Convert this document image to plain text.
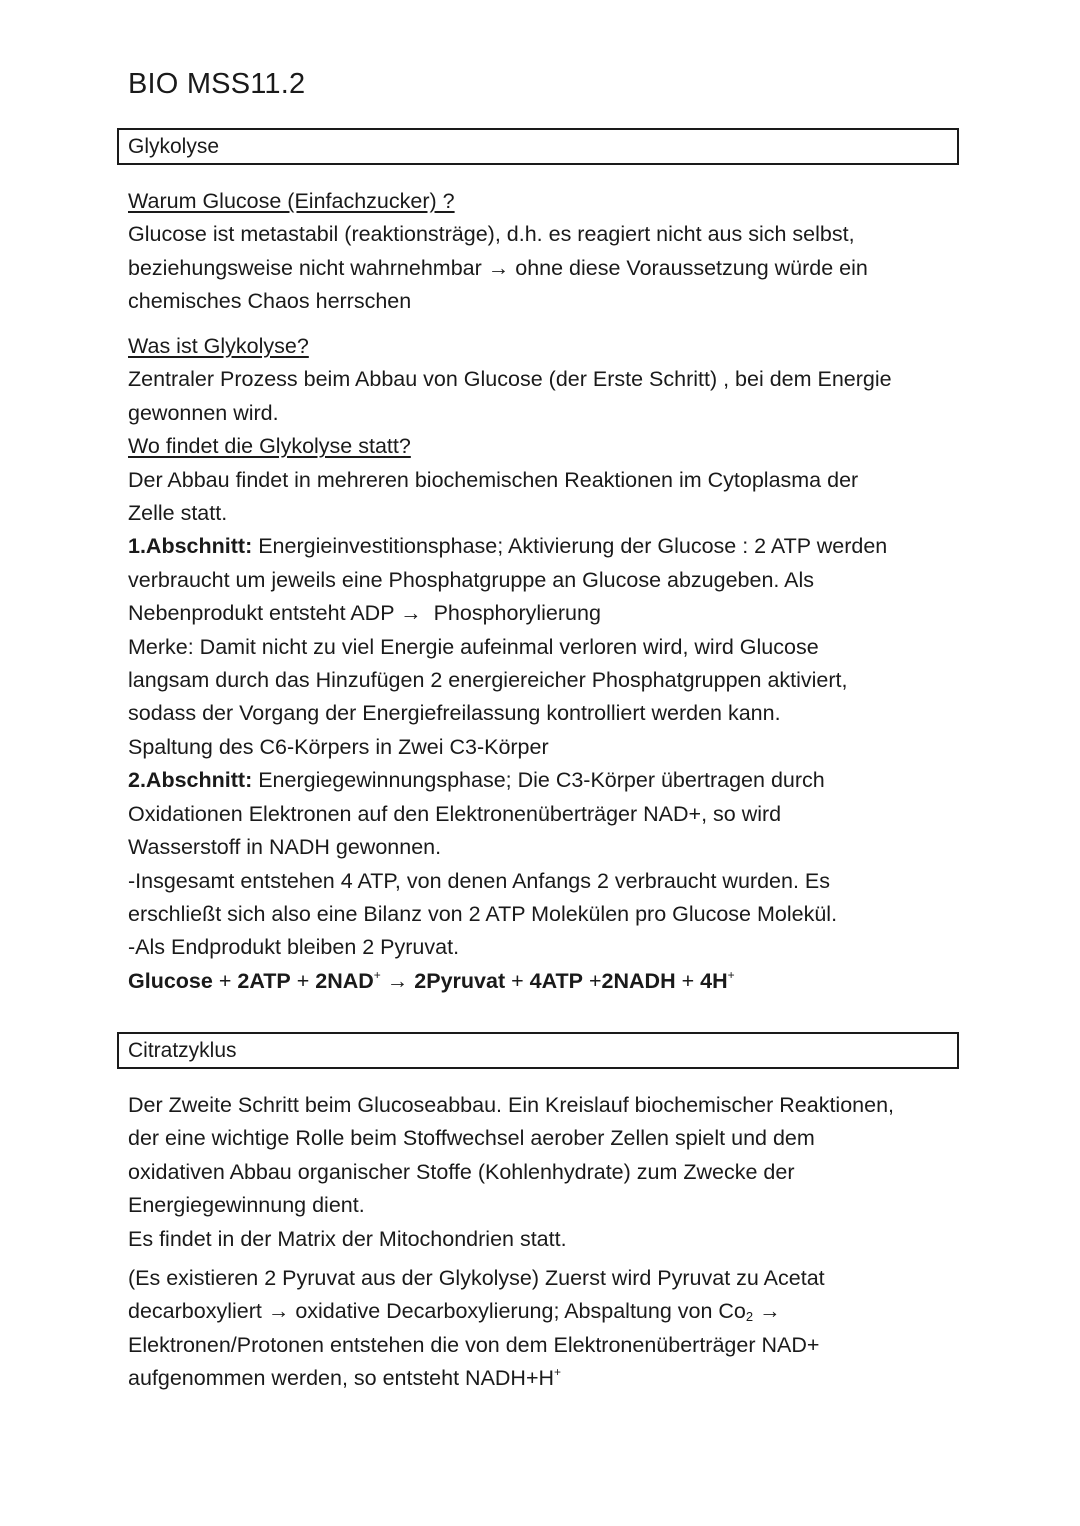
BIO MSS11.2
Glykolyse
Warum Glucose (Einfachzucker) ?
Glucose ist metastabil (reaktionsträge), d.h. es reagiert nicht aus sich selbst,
beziehungsweise nicht wahrnehmbar → ohne diese Voraussetzung würde ein
chemisches Chaos herrschen
Was ist Glykolyse?
Zentraler Prozess beim Abbau von Glucose (der Erste Schritt) , bei dem Energie
gewonnen wird.
Wo findet die Glykolyse statt?
Der Abbau findet in mehreren biochemischen Reaktionen im Cytoplasma der
Zelle statt.
1.Abschnitt: Energieinvestitionsphase; Aktivierung der Glucose : 2 ATP werden
verbraucht um jeweils eine Phosphatgruppe an Glucose abzugeben. Als
Nebenprodukt entsteht ADP → Phosphorylierung
Merke: Damit nicht zu viel Energie aufeinmal verloren wird, wird Glucose
langsam durch das Hinzufügen 2 energiereicher Phosphatgruppen aktiviert,
sodass der Vorgang der Energiefreilassung kontrolliert werden kann.
Spaltung des C6-Körpers in Zwei C3-Körper
2.Abschnitt: Energiegewinnungsphase; Die C3-Körper übertragen durch
Oxidationen Elektronen auf den Elektronenüberträger NAD+, so wird
Wasserstoff in NADH gewonnen.
-Insgesamt entstehen 4 ATP, von denen Anfangs 2 verbraucht wurden. Es
erschließt sich also eine Bilanz von 2 ATP Molekülen pro Glucose Molekül.
-Als Endprodukt bleiben 2 Pyruvat.
Glucose + 2ATP + 2NAD+ → 2Pyruvat + 4ATP +2NADH + 4H+
Citratzyklus
Der Zweite Schritt beim Glucoseabbau. Ein Kreislauf biochemischer Reaktionen,
der eine wichtige Rolle beim Stoffwechsel aerober Zellen spielt und dem
oxidativen Abbau organischer Stoffe (Kohlenhydrate) zum Zwecke der
Energiegewinnung dient.
Es findet in der Matrix der Mitochondrien statt.
(Es existieren 2 Pyruvat aus der Glykolyse) Zuerst wird Pyruvat zu Acetat
decarboxyliert → oxidative Decarboxylierung; Abspaltung von $Co_2$ →
Elektronen/Protonen entstehen die von dem Elektronenüberträger NAD+
aufgenommen werden, so entsteht NADH+H+
